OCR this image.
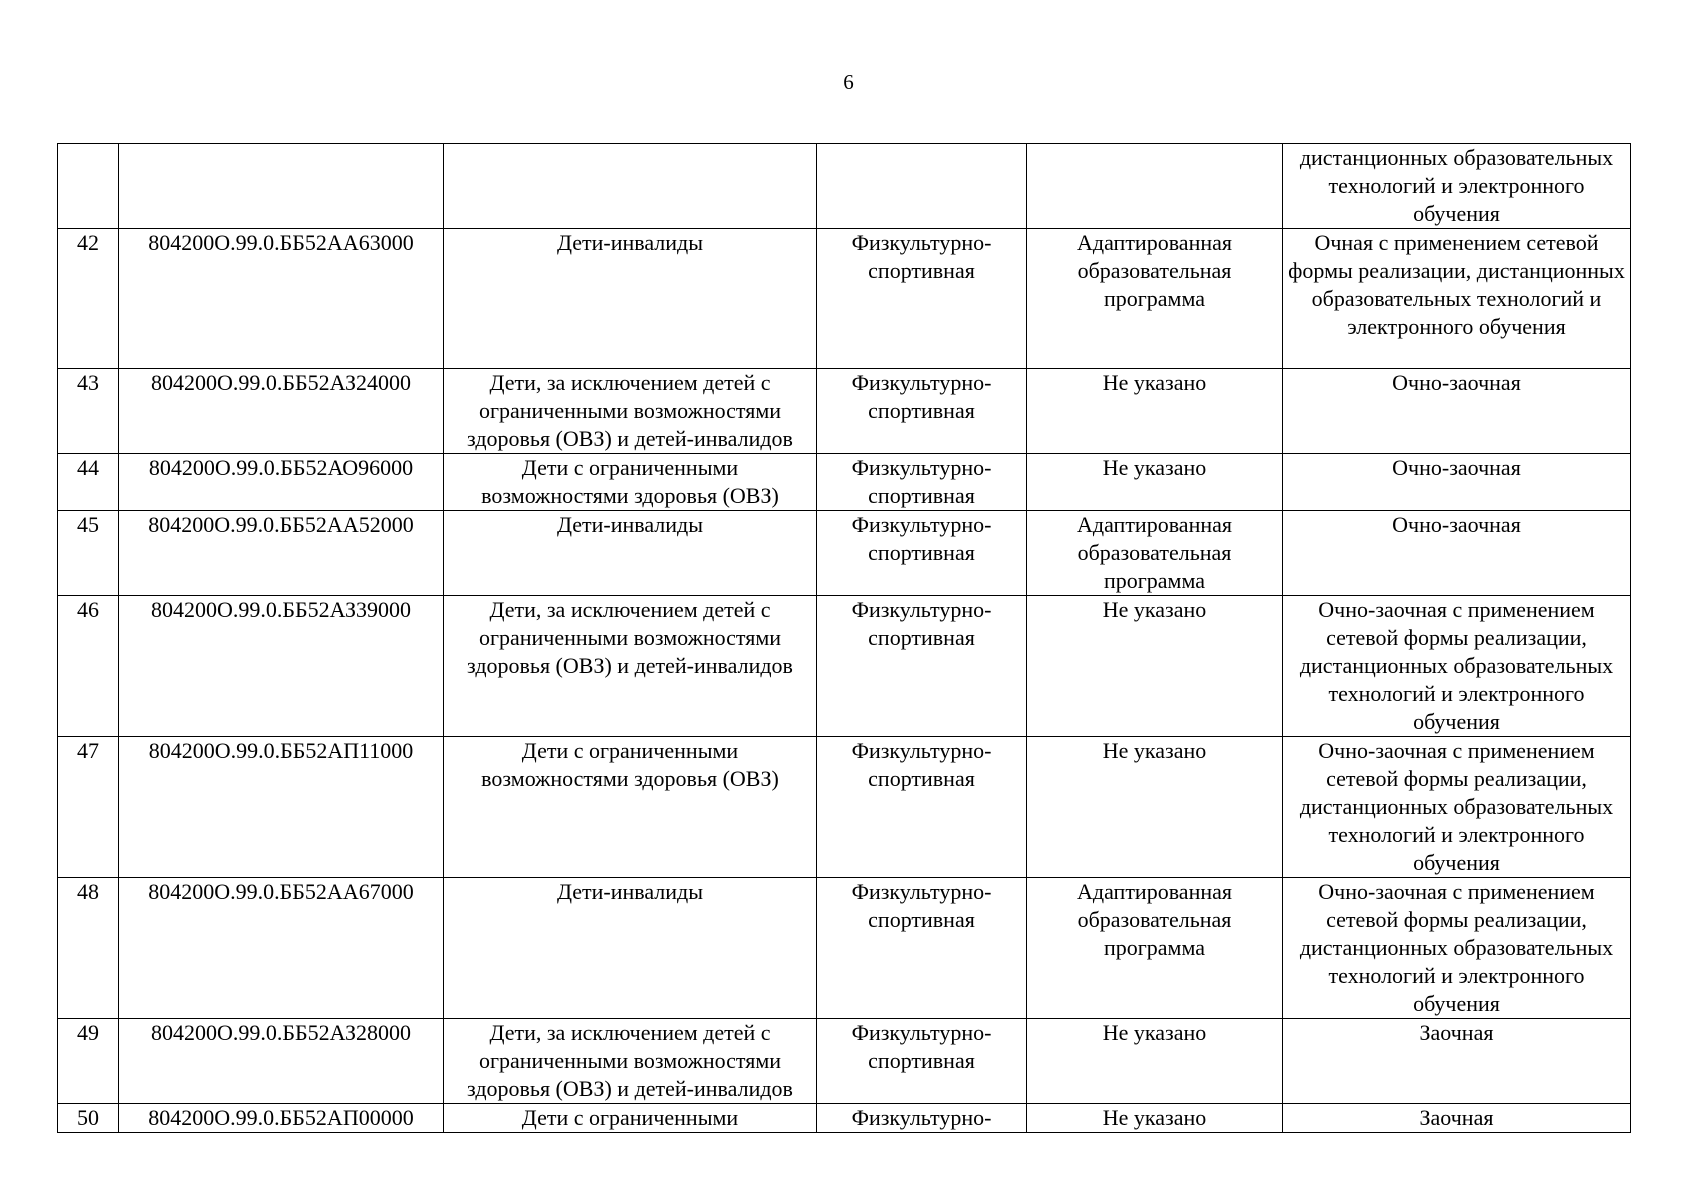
6
					дистанционных образовательных технологий и электронного обучения
42	804200О.99.0.ББ52АА63000	Дети-инвалиды	Физкультурно-спортивная	Адаптированная образовательная программа	Очная с применением сетевой формы реализации, дистанционных образовательных технологий и электронного обучения
43	804200О.99.0.ББ52АЗ24000	Дети, за исключением детей с ограниченными возможностями здоровья (ОВЗ) и детей-инвалидов	Физкультурно-спортивная	Не указано	Очно-заочная
44	804200О.99.0.ББ52АО96000	Дети с ограниченными возможностями здоровья (ОВЗ)	Физкультурно-спортивная	Не указано	Очно-заочная
45	804200О.99.0.ББ52АА52000	Дети-инвалиды	Физкультурно-спортивная	Адаптированная образовательная программа	Очно-заочная
46	804200О.99.0.ББ52АЗ39000	Дети, за исключением детей с ограниченными возможностями здоровья (ОВЗ) и детей-инвалидов	Физкультурно-спортивная	Не указано	Очно-заочная с применением сетевой формы реализации, дистанционных образовательных технологий и электронного обучения
47	804200О.99.0.ББ52АП11000	Дети с ограниченными возможностями здоровья (ОВЗ)	Физкультурно-спортивная	Не указано	Очно-заочная с применением сетевой формы реализации, дистанционных образовательных технологий и электронного обучения
48	804200О.99.0.ББ52АА67000	Дети-инвалиды	Физкультурно-спортивная	Адаптированная образовательная программа	Очно-заочная с применением сетевой формы реализации, дистанционных образовательных технологий и электронного обучения
49	804200О.99.0.ББ52АЗ28000	Дети, за исключением детей с ограниченными возможностями здоровья (ОВЗ) и детей-инвалидов	Физкультурно-спортивная	Не указано	Заочная
50	804200О.99.0.ББ52АП00000	Дети с ограниченными	Физкультурно-	Не указано	Заочная
